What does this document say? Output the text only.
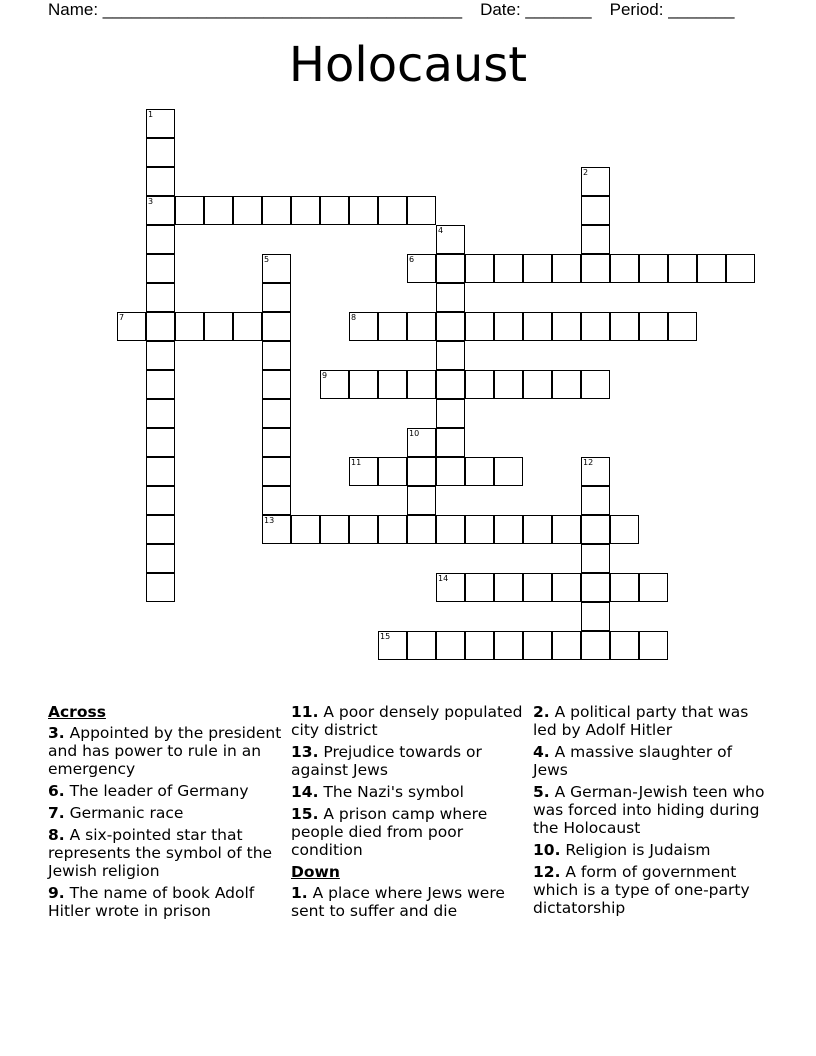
Name: ______________________________________ Date: _______ Period: _______
Holocaust
1
2
3
4
5	6
7	8
9
10
11	12
13
14
15
Across
3. Appointed by the president and has power to rule in an emergency
6. The leader of Germany
7. Germanic race
8. A six-pointed star that represents the symbol of the Jewish religion
9. The name of book Adolf Hitler wrote in prison
11. A poor densely populated city district
13. Prejudice towards or against Jews
14. The Nazi's symbol
15. A prison camp where people died from poor condition
Down
1. A place where Jews were sent to suffer and die
2. A political party that was led by Adolf Hitler
4. A massive slaughter of Jews
5. A German-Jewish teen who was forced into hiding during the Holocaust
10. Religion is Judaism
12. A form of government which is a type of one-party dictatorship
